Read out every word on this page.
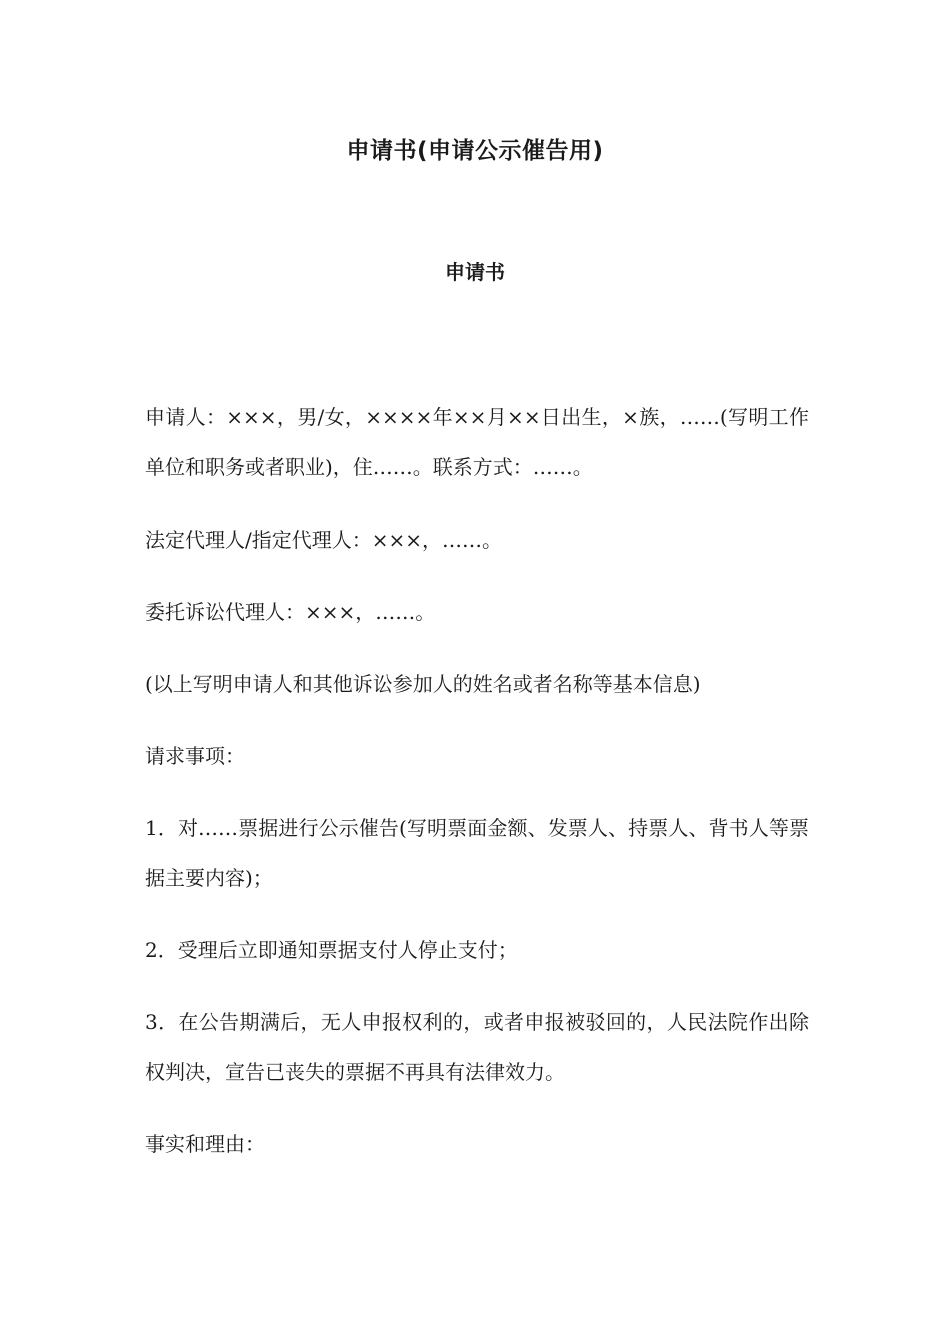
申请书(申请公示催告用)
申请书

申请人：×××，男/女，××××年××月××日出生，×族，……(写明工作单位和职务或者职业)，住……。联系方式：……。

法定代理人/指定代理人：×××，……。

委托诉讼代理人：×××，……。

(以上写明申请人和其他诉讼参加人的姓名或者名称等基本信息)

请求事项：

1．对……票据进行公示催告(写明票面金额、发票人、持票人、背书人等票据主要内容)；

2．受理后立即通知票据支付人停止支付；

3．在公告期满后，无人申报权利的，或者申报被驳回的，人民法院作出除权判决，宣告已丧失的票据不再具有法律效力。

事实和理由：
